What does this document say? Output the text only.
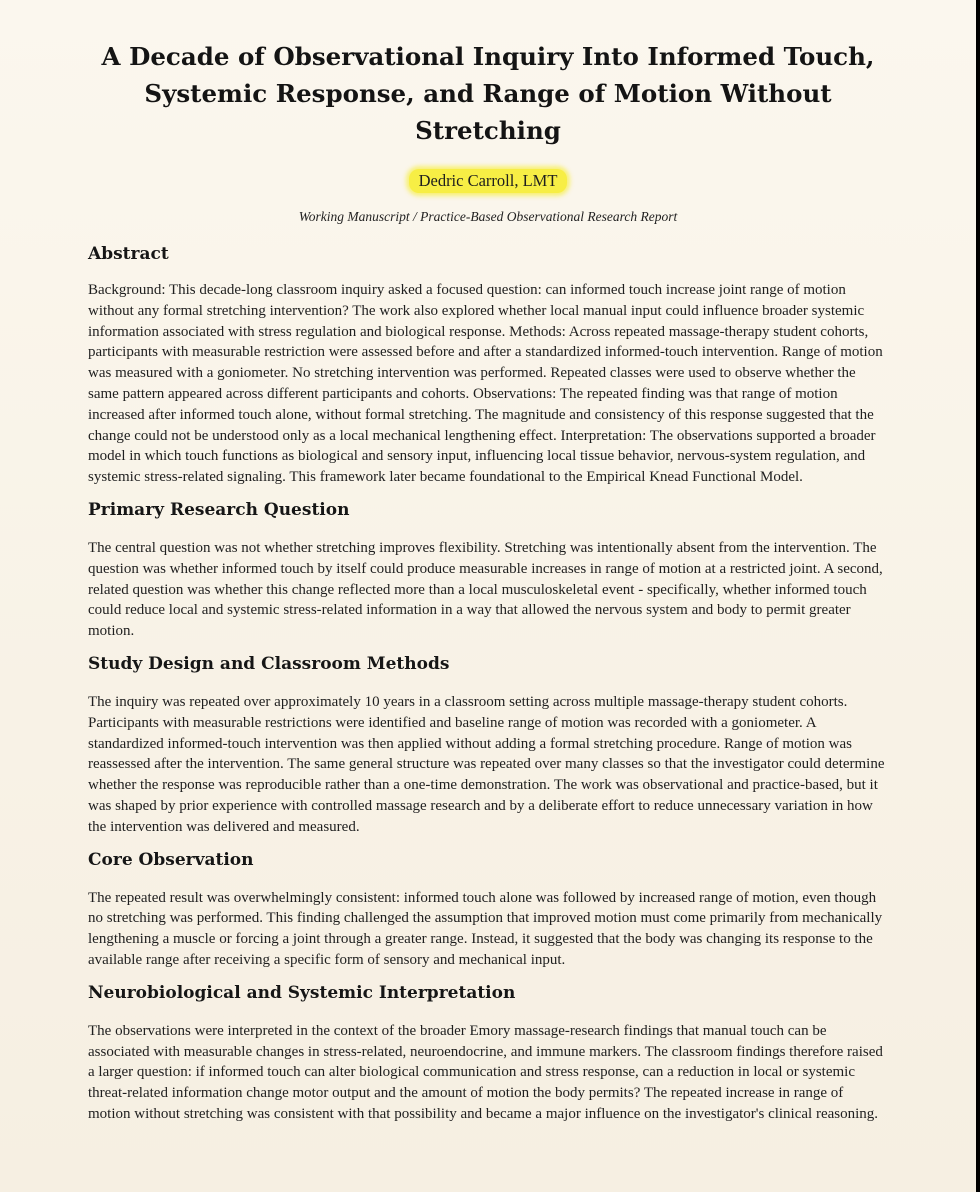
A Decade of Observational Inquiry Into Informed Touch,
Systemic Response, and Range of Motion Without Stretching
Dedric Carroll, LMT
Working Manuscript / Practice-Based Observational Research Report
Abstract

Background: This decade-long classroom inquiry asked a focused question: can informed touch increase joint range of motion without any formal stretching intervention? The work also explored whether local manual input could influence broader systemic information associated with stress regulation and biological response. Methods: Across repeated massage-therapy student cohorts, participants with measurable restriction were assessed before and after a standardized informed-touch intervention. Range of motion was measured with a goniometer. No stretching intervention was performed. Repeated classes were used to observe whether the same pattern appeared across different participants and cohorts. Observations: The repeated finding was that range of motion increased after informed touch alone, without formal stretching. The magnitude and consistency of this response suggested that the change could not be understood only as a local mechanical lengthening effect. Interpretation: The observations supported a broader model in which touch functions as biological and sensory input, influencing local tissue behavior, nervous-system regulation, and systemic stress-related signaling. This framework later became foundational to the Empirical Knead Functional Model.

Primary Research Question

The central question was not whether stretching improves flexibility. Stretching was intentionally absent from the intervention. The question was whether informed touch by itself could produce measurable increases in range of motion at a restricted joint. A second, related question was whether this change reflected more than a local musculoskeletal event - specifically, whether informed touch could reduce local and systemic stress-related information in a way that allowed the nervous system and body to permit greater motion.

Study Design and Classroom Methods

The inquiry was repeated over approximately 10 years in a classroom setting across multiple massage-therapy student cohorts. Participants with measurable restrictions were identified and baseline range of motion was recorded with a goniometer. A standardized informed-touch intervention was then applied without adding a formal stretching procedure. Range of motion was reassessed after the intervention. The same general structure was repeated over many classes so that the investigator could determine whether the response was reproducible rather than a one-time demonstration. The work was observational and practice-based, but it was shaped by prior experience with controlled massage research and by a deliberate effort to reduce unnecessary variation in how the intervention was delivered and measured.

Core Observation

The repeated result was overwhelmingly consistent: informed touch alone was followed by increased range of motion, even though no stretching was performed. This finding challenged the assumption that improved motion must come primarily from mechanically lengthening a muscle or forcing a joint through a greater range. Instead, it suggested that the body was changing its response to the available range after receiving a specific form of sensory and mechanical input.

Neurobiological and Systemic Interpretation

The observations were interpreted in the context of the broader Emory massage-research findings that manual touch can be associated with measurable changes in stress-related, neuroendocrine, and immune markers. The classroom findings therefore raised a larger question: if informed touch can alter biological communication and stress response, can a reduction in local or systemic threat-related information change motor output and the amount of motion the body permits? The repeated increase in range of motion without stretching was consistent with that possibility and became a major influence on the investigator's clinical reasoning.
